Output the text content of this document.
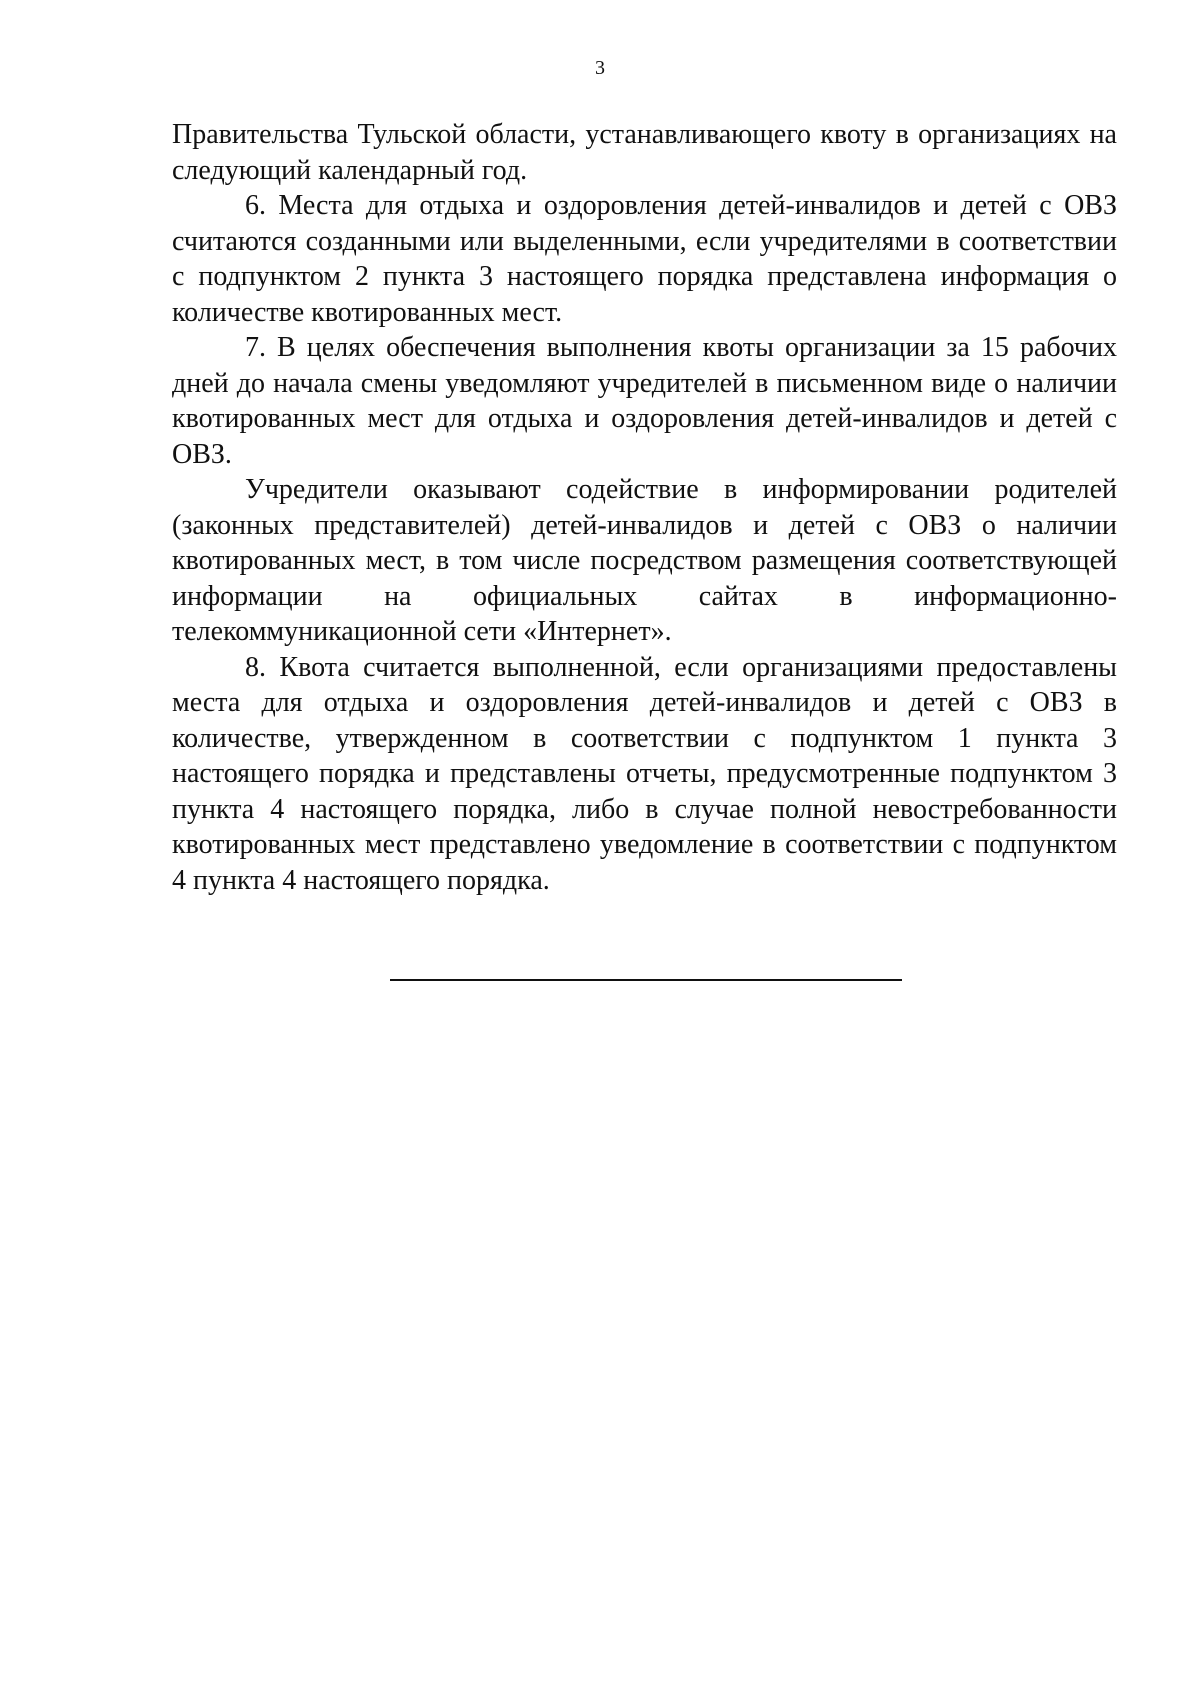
3

Правительства Тульской области, устанавливающего квоту в организациях на следующий календарный год.

6. Места для отдыха и оздоровления детей-инвалидов и детей с ОВЗ считаются созданными или выделенными, если учредителями в соответствии с подпунктом 2 пункта 3 настоящего порядка представлена информация о количестве квотированных мест.

7. В целях обеспечения выполнения квоты организации за 15 рабочих дней до начала смены уведомляют учредителей в письменном виде о наличии квотированных мест для отдыха и оздоровления детей-инвалидов и детей с ОВЗ.

Учредители оказывают содействие в информировании родителей (законных представителей) детей-инвалидов и детей с ОВЗ о наличии квотированных мест, в том числе посредством размещения соответствующей информации на официальных сайтах в информационно-телекоммуникационной сети «Интернет».

8. Квота считается выполненной, если организациями предоставлены места для отдыха и оздоровления детей-инвалидов и детей с ОВЗ в количестве, утвержденном в соответствии с подпунктом 1 пункта 3 настоящего порядка и представлены отчеты, предусмотренные подпунктом 3 пункта 4 настоящего порядка, либо в случае полной невостребованности квотированных мест представлено уведомление в соответствии с подпунктом 4 пункта 4 настоящего порядка.
